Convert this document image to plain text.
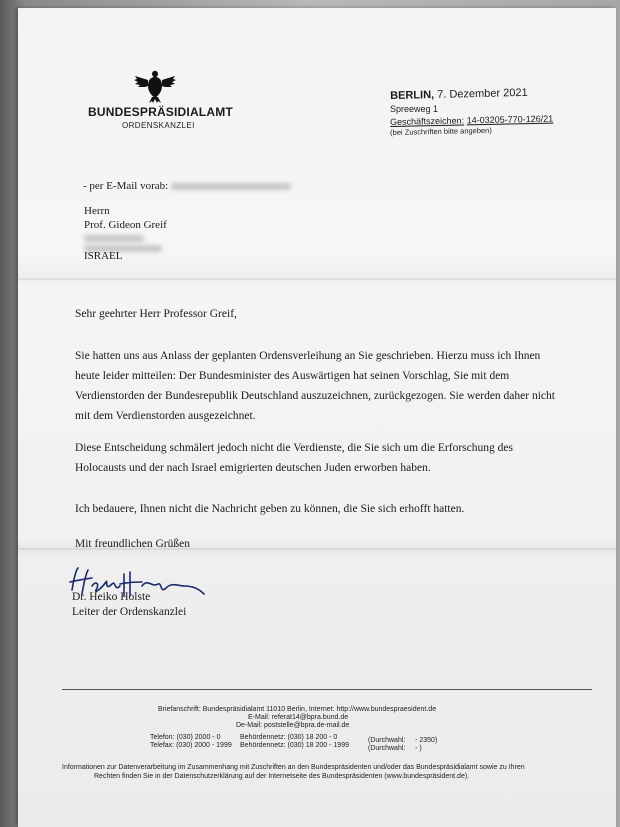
BUNDESPRÄSIDIALAMT
ORDENSKANZLEI
BERLIN, 7. Dezember 2021
Spreeweg 1
Geschäftszeichen: 14-03205-770-126/21
(bei Zuschriften bitte angeben)
- per E-Mail vorab:
Herrn
Prof. Gideon Greif
ISRAEL
Sehr geehrter Herr Professor Greif,
Sie hatten uns aus Anlass der geplanten Ordensverleihung an Sie geschrieben. Hierzu muss ich Ihnen heute leider mitteilen: Der Bundesminister des Auswärtigen hat seinen Vorschlag, Sie mit dem Verdienstorden der Bundesrepublik Deutschland auszuzeichnen, zurückgezogen. Sie werden daher nicht mit dem Verdienstorden ausgezeichnet.
Diese Entscheidung schmälert jedoch nicht die Verdienste, die Sie sich um die Erforschung des Holocausts und der nach Israel emigrierten deutschen Juden erworben haben.
Ich bedauere, Ihnen nicht die Nachricht geben zu können, die Sie sich erhofft hatten.
Mit freundlichen Grüßen
Dr. Heiko Holste
Leiter der Ordenskanzlei
Briefanschrift: Bundespräsidialamt 11010 Berlin, Internet: http://www.bundespraesident.de
E-Mail: referat14@bpra.bund.de
De-Mail: poststelle@bpra.de-mail.de
Telefon: (030) 2000 - 0
Telefax: (030) 2000 - 1999
Behördennetz: (030) 18 200 - 0
Behördennetz: (030) 18 200 - 1999
(Durchwahl: - 2350)
(Durchwahl: - )
Informationen zur Datenverarbeitung im Zusammenhang mit Zuschriften an den Bundespräsidenten und/oder das Bundespräsidialamt sowie zu Ihren
Rechten finden Sie in der Datenschutzerklärung auf der Internetseite des Bundespräsidenten (www.bundespräsident.de).
